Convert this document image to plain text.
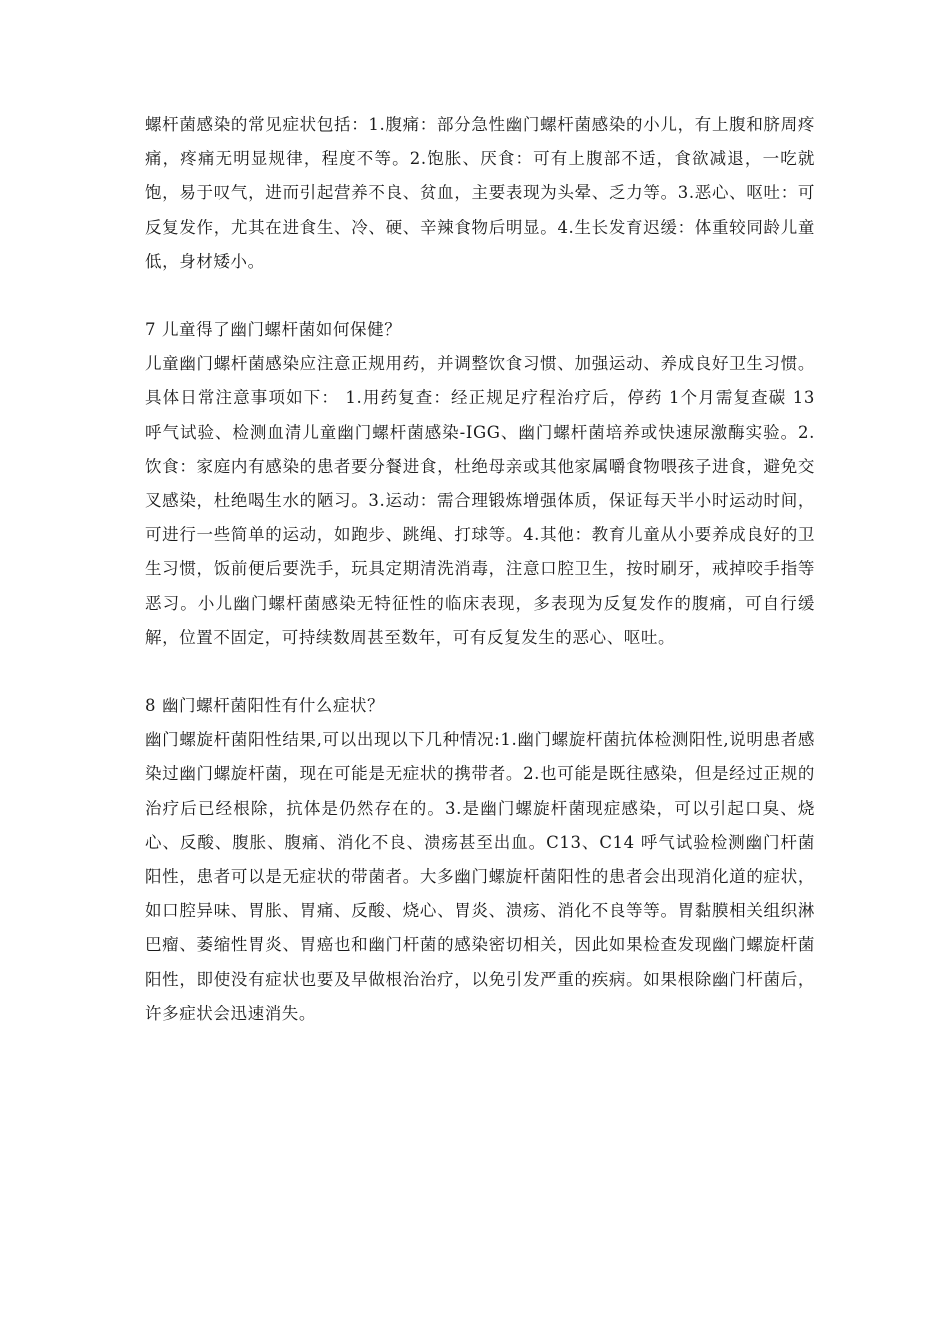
螺杆菌感染的常见症状包括：1.腹痛：部分急性幽门螺杆菌感染的小儿，有上腹和脐周疼痛，疼痛无明显规律，程度不等。2.饱胀、厌食：可有上腹部不适，食欲减退，一吃就饱，易于叹气，进而引起营养不良、贫血，主要表现为头晕、乏力等。3.恶心、呕吐：可反复发作，尤其在进食生、冷、硬、辛辣食物后明显。4.生长发育迟缓：体重较同龄儿童低，身材矮小。

7 儿童得了幽门螺杆菌如何保健？

儿童幽门螺杆菌感染应注意正规用药，并调整饮食习惯、加强运动、养成良好卫生习惯。具体日常注意事项如下： 1.用药复查：经正规足疗程治疗后，停药 1个月需复查碳 13 呼气试验、检测血清儿童幽门螺杆菌感染-IGG、幽门螺杆菌培养或快速尿激酶实验。2.饮食：家庭内有感染的患者要分餐进食，杜绝母亲或其他家属嚼食物喂孩子进食，避免交叉感染，杜绝喝生水的陋习。3.运动：需合理锻炼增强体质，保证每天半小时运动时间，可进行一些简单的运动，如跑步、跳绳、打球等。4.其他：教育儿童从小要养成良好的卫生习惯，饭前便后要洗手，玩具定期清洗消毒，注意口腔卫生，按时刷牙，戒掉咬手指等恶习。小儿幽门螺杆菌感染无特征性的临床表现，多表现为反复发作的腹痛，可自行缓解，位置不固定，可持续数周甚至数年，可有反复发生的恶心、呕吐。

8 幽门螺杆菌阳性有什么症状？

幽门螺旋杆菌阳性结果,可以出现以下几种情况:1.幽门螺旋杆菌抗体检测阳性,说明患者感染过幽门螺旋杆菌，现在可能是无症状的携带者。2.也可能是既往感染，但是经过正规的治疗后已经根除，抗体是仍然存在的。3.是幽门螺旋杆菌现症感染，可以引起口臭、烧心、反酸、腹胀、腹痛、消化不良、溃疡甚至出血。C13、C14 呼气试验检测幽门杆菌阳性，患者可以是无症状的带菌者。大多幽门螺旋杆菌阳性的患者会出现消化道的症状，如口腔异味、胃胀、胃痛、反酸、烧心、胃炎、溃疡、消化不良等等。胃黏膜相关组织淋巴瘤、萎缩性胃炎、胃癌也和幽门杆菌的感染密切相关，因此如果检查发现幽门螺旋杆菌阳性，即使没有症状也要及早做根治治疗，以免引发严重的疾病。如果根除幽门杆菌后，许多症状会迅速消失。
